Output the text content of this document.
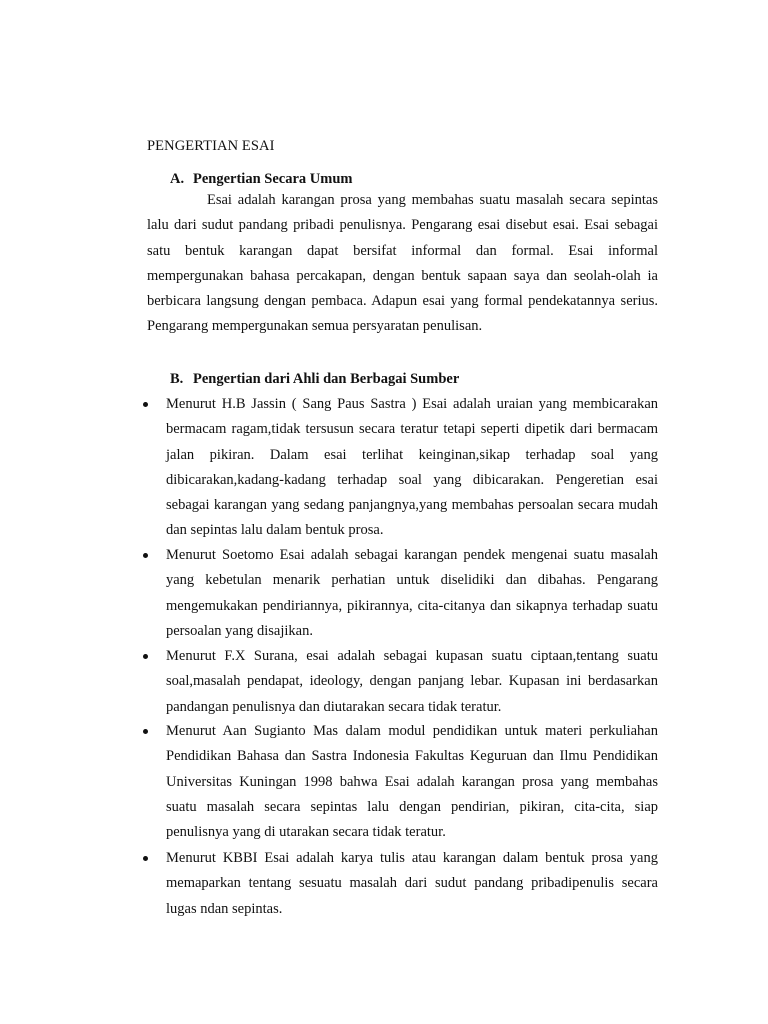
PENGERTIAN ESAI
A. Pengertian Secara Umum

Esai adalah karangan prosa yang membahas suatu masalah secara sepintas lalu dari sudut pandang pribadi penulisnya. Pengarang esai disebut esai. Esai sebagai satu bentuk karangan dapat bersifat informal dan formal. Esai informal mempergunakan bahasa percakapan, dengan bentuk sapaan saya dan seolah-olah ia berbicara langsung dengan pembaca. Adapun esai yang formal pendekatannya serius. Pengarang mempergunakan semua persyaratan penulisan.

B. Pengertian dari Ahli dan Berbagai Sumber
Menurut H.B Jassin ( Sang Paus Sastra ) Esai adalah uraian yang membicarakan bermacam ragam,tidak tersusun secara teratur tetapi seperti dipetik dari bermacam jalan pikiran. Dalam esai terlihat keinginan,sikap terhadap soal yang dibicarakan,kadang-kadang terhadap soal yang dibicarakan. Pengeretian esai sebagai karangan yang sedang panjangnya,yang membahas persoalan secara mudah dan sepintas lalu dalam bentuk prosa.
Menurut Soetomo Esai adalah sebagai karangan pendek mengenai suatu masalah yang kebetulan menarik perhatian untuk diselidiki dan dibahas. Pengarang mengemukakan pendiriannya, pikirannya, cita-citanya dan sikapnya terhadap suatu persoalan yang disajikan.
Menurut F.X Surana, esai adalah sebagai kupasan suatu ciptaan,tentang suatu soal,masalah pendapat, ideology, dengan panjang lebar. Kupasan ini berdasarkan pandangan penulisnya dan diutarakan secara tidak teratur.
Menurut Aan Sugianto Mas dalam modul pendidikan untuk materi perkuliahan Pendidikan Bahasa dan Sastra Indonesia Fakultas Keguruan dan Ilmu Pendidikan Universitas Kuningan 1998 bahwa Esai adalah karangan prosa yang membahas suatu masalah secara sepintas lalu dengan pendirian, pikiran, cita-cita, siap penulisnya yang di utarakan secara tidak teratur.
Menurut KBBI Esai adalah karya tulis atau karangan dalam bentuk prosa yang memaparkan tentang sesuatu masalah dari sudut pandang pribadipenulis secara lugas ndan sepintas.
